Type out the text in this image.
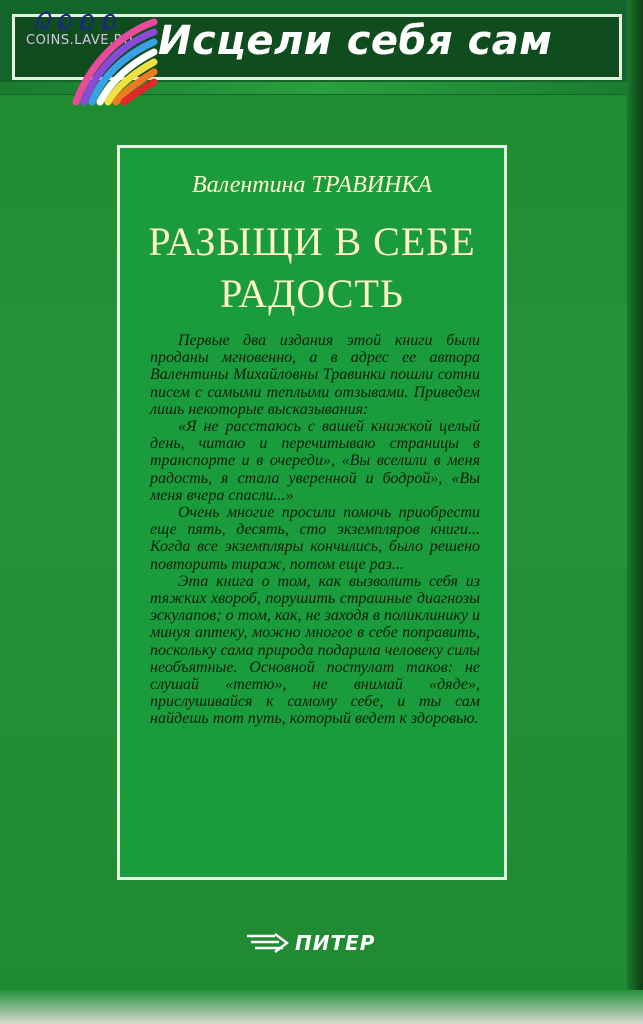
Исцели себя сам
COINS.LAVE.RU
Валентина ТРАВИНКА
РАЗЫЩИ В СЕБЕ
РАДОСТЬ

Первые два издания этой книги были проданы мгновенно, а в адрес ее автора Валентины Михайловны Травинки пошли сотни писем с самыми теплыми отзывами. Приведем лишь некоторые высказывания:

«Я не расстаюсь с вашей книжкой целый день, читаю и перечитываю страницы в транспорте и в очереди», «Вы вселили в меня радость, я стала уверенной и бодрой», «Вы меня вчера спасли...»

Очень многие просили помочь приобрести еще пять, десять, сто экземпляров книги... Когда все экземпляры кончились, было решено повторить тираж, потом еще раз...

Эта книга о том, как вызволить себя из тяжких хвороб, порушить страшные диагнозы эскулапов; о том, как, не заходя в поликлинику и минуя аптеку, можно многое в себе поправить, поскольку сама природа подарила человеку силы необъятные. Основной постулат таков: не слушай «тетю», не внимай «дяде», прислушивайся к самому себе, и ты сам найдешь тот путь, который ведет к здоровью.

ПИТЕР
